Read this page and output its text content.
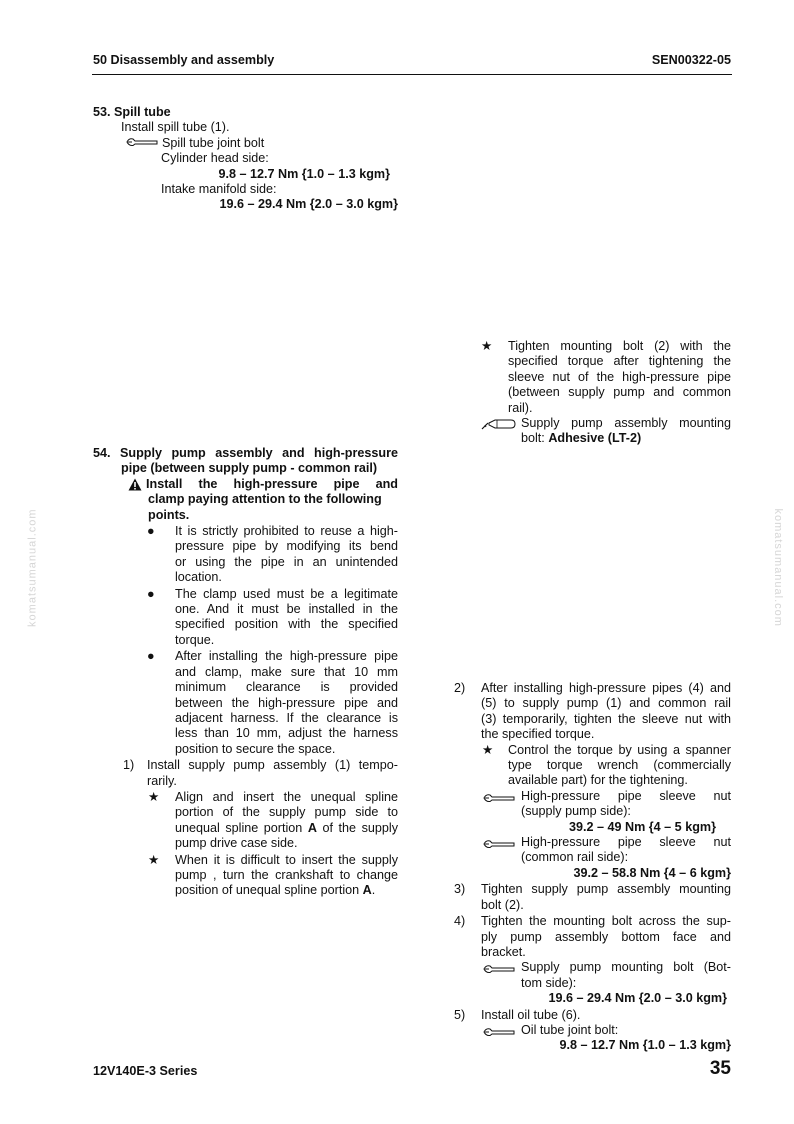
komatsumanual.com	komatsumanual.com
50 Disassembly and assembly	SEN00322-05
53. Spill tube
Install spill tube (1).
Spill tube joint bolt
Cylinder head side:
9.8 – 12.7 Nm {1.0 – 1.3 kgm}
Intake manifold side:
19.6 – 29.4 Nm {2.0 – 3.0 kgm}
54. Supply pump assembly and high-pressure
pipe (between supply pump - common rail)
Install the high-pressure pipe and
clamp paying attention to the following
points.
● It is strictly prohibited to reuse a high-
pressure pipe by modifying its bend
or using the pipe in an unintended
location.
● The clamp used must be a legitimate
one. And it must be installed in the
specified position with the specified
torque.
● After installing the high-pressure pipe
and clamp, make sure that 10 mm
minimum clearance is provided
between the high-pressure pipe and
adjacent harness. If the clearance is
less than 10 mm, adjust the harness
position to secure the space.
1) Install supply pump assembly (1) tempo-
rarily.
★ Align and insert the unequal spline
portion of the supply pump side to
unequal spline portion A of the supply
pump drive case side.
★ When it is difficult to insert the supply
pump , turn the crankshaft to change
position of unequal spline portion A.
★ Tighten mounting bolt (2) with the
specified torque after tightening the
sleeve nut of the high-pressure pipe
(between supply pump and common
rail).
Supply pump assembly mounting
bolt: Adhesive (LT-2)
2) After installing high-pressure pipes (4) and
(5) to supply pump (1) and common rail
(3) temporarily, tighten the sleeve nut with
the specified torque.
★ Control the torque by using a spanner
type torque wrench (commercially
available part) for the tightening.
High-pressure pipe sleeve nut
(supply pump side):
39.2 – 49 Nm {4 – 5 kgm}
High-pressure pipe sleeve nut
(common rail side):
39.2 – 58.8 Nm {4 – 6 kgm}
3) Tighten supply pump assembly mounting
bolt (2).
4) Tighten the mounting bolt across the sup-
ply pump assembly bottom face and
bracket.
Supply pump mounting bolt (Bot-
tom side):
19.6 – 29.4 Nm {2.0 – 3.0 kgm}
5) Install oil tube (6).
Oil tube joint bolt:
9.8 – 12.7 Nm {1.0 – 1.3 kgm}
12V140E-3 Series	35
